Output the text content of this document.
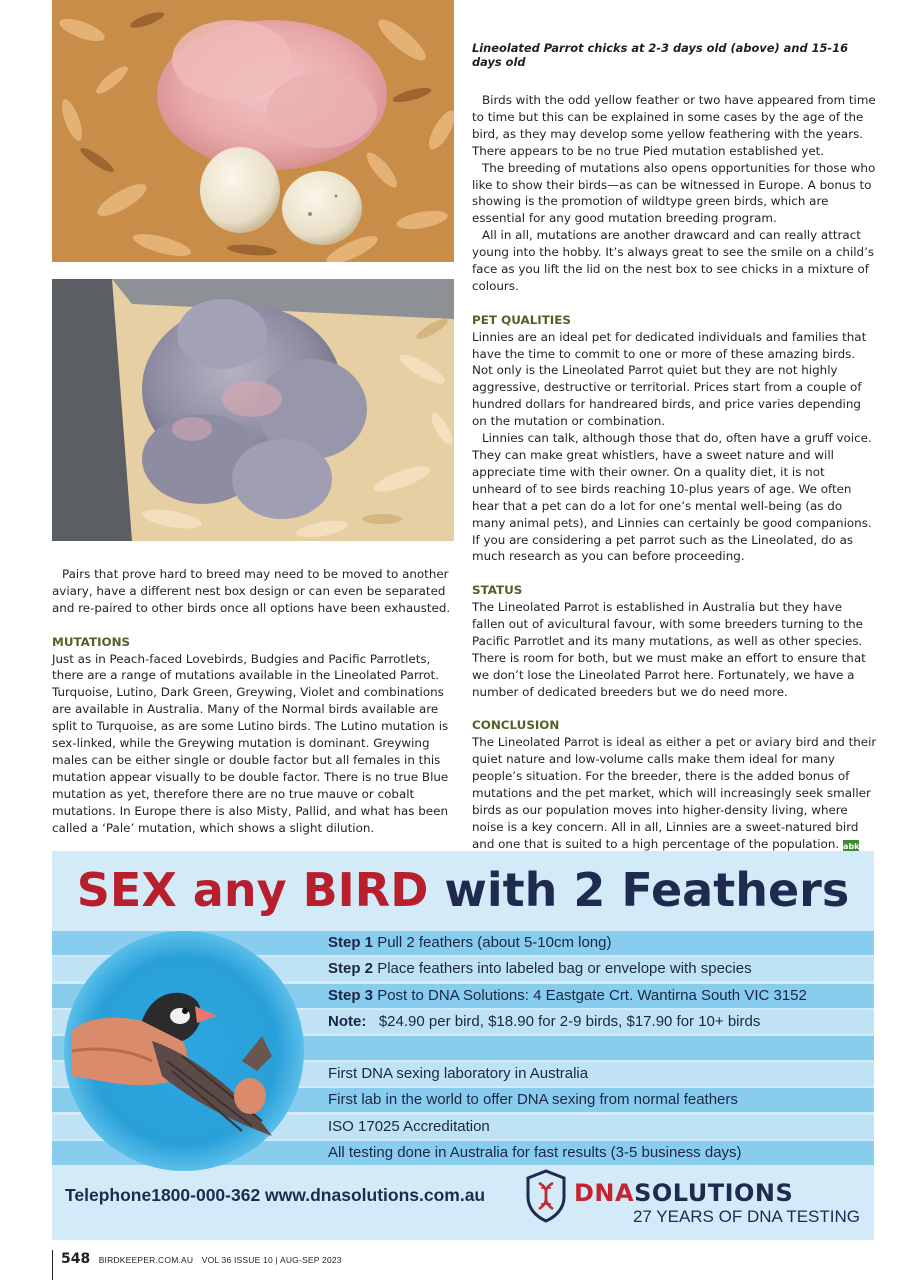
Lineolated Parrot chicks at 2-3 days old (above) and 15-16 days old

Pairs that prove hard to breed may need to be moved to another aviary, have a different nest box design or can even be separated and re-paired to other birds once all options have been exhausted.

MUTATIONS

Just as in Peach-faced Lovebirds, Budgies and Pacific Parrotlets, there are a range of mutations available in the Lineolated Parrot. Turquoise, Lutino, Dark Green, Greywing, Violet and combinations are available in Australia. Many of the Normal birds available are split to Turquoise, as are some Lutino birds. The Lutino mutation is sex-linked, while the Greywing mutation is dominant. Greywing males can be either single or double factor but all females in this mutation appear visually to be double factor. There is no true Blue mutation as yet, therefore there are no true mauve or cobalt mutations. In Europe there is also Misty, Pallid, and what has been called a ‘Pale’ mutation, which shows a slight dilution.

Birds with the odd yellow feather or two have appeared from time to time but this can be explained in some cases by the age of the bird, as they may develop some yellow feathering with the years. There appears to be no true Pied mutation established yet.

The breeding of mutations also opens opportunities for those who like to show their birds—as can be witnessed in Europe. A bonus to showing is the promotion of wildtype green birds, which are essential for any good mutation breeding program.

All in all, mutations are another drawcard and can really attract young into the hobby. It’s always great to see the smile on a child’s face as you lift the lid on the nest box to see chicks in a mixture of colours.

PET QUALITIES

Linnies are an ideal pet for dedicated individuals and families that have the time to commit to one or more of these amazing birds. Not only is the Lineolated Parrot quiet but they are not highly aggressive, destructive or territorial. Prices start from a couple of hundred dollars for handreared birds, and price varies depending on the mutation or combination.

Linnies can talk, although those that do, often have a gruff voice. They can make great whistlers, have a sweet nature and will appreciate time with their owner. On a quality diet, it is not unheard of to see birds reaching 10-plus years of age. We often hear that a pet can do a lot for one’s mental well-being (as do many animal pets), and Linnies can certainly be good companions. If you are considering a pet parrot such as the Lineolated, do as much research as you can before proceeding.

STATUS

The Lineolated Parrot is established in Australia but they have fallen out of avicultural favour, with some breeders turning to the Pacific Parrotlet and its many mutations, as well as other species. There is room for both, but we must make an effort to ensure that we don’t lose the Lineolated Parrot here. Fortunately, we have a number of dedicated breeders but we do need more.

CONCLUSION

The Lineolated Parrot is ideal as either a pet or aviary bird and their quiet nature and low-volume calls make them ideal for many people’s situation. For the breeder, there is the added bonus of mutations and the pet market, which will increasingly seek smaller birds as our population moves into higher-density living, where noise is a key concern. All in all, Linnies are a sweet-natured bird and one that is suited to a high percentage of the population. abk

SEX any BIRD with 2 Feathers
Step 1 Pull 2 feathers (about 5-10cm long)
Step 2 Place feathers into labeled bag or envelope with species
Step 3 Post to DNA Solutions: 4 Eastgate Crt. Wantirna South VIC 3152
Note: $24.90 per bird, $18.90 for 2-9 birds, $17.90 for 10+ birds
First DNA sexing laboratory in Australia
First lab in the world to offer DNA sexing from normal feathers
ISO 17025 Accreditation
All testing done in Australia for fast results (3-5 business days)
Telephone1800-000-362 www.dnasolutions.com.au	DNASOLUTIONS
27 YEARS OF DNA TESTING
548 BIRDKEEPER.COM.AU VOL 36 ISSUE 10 | AUG-SEP 2023
